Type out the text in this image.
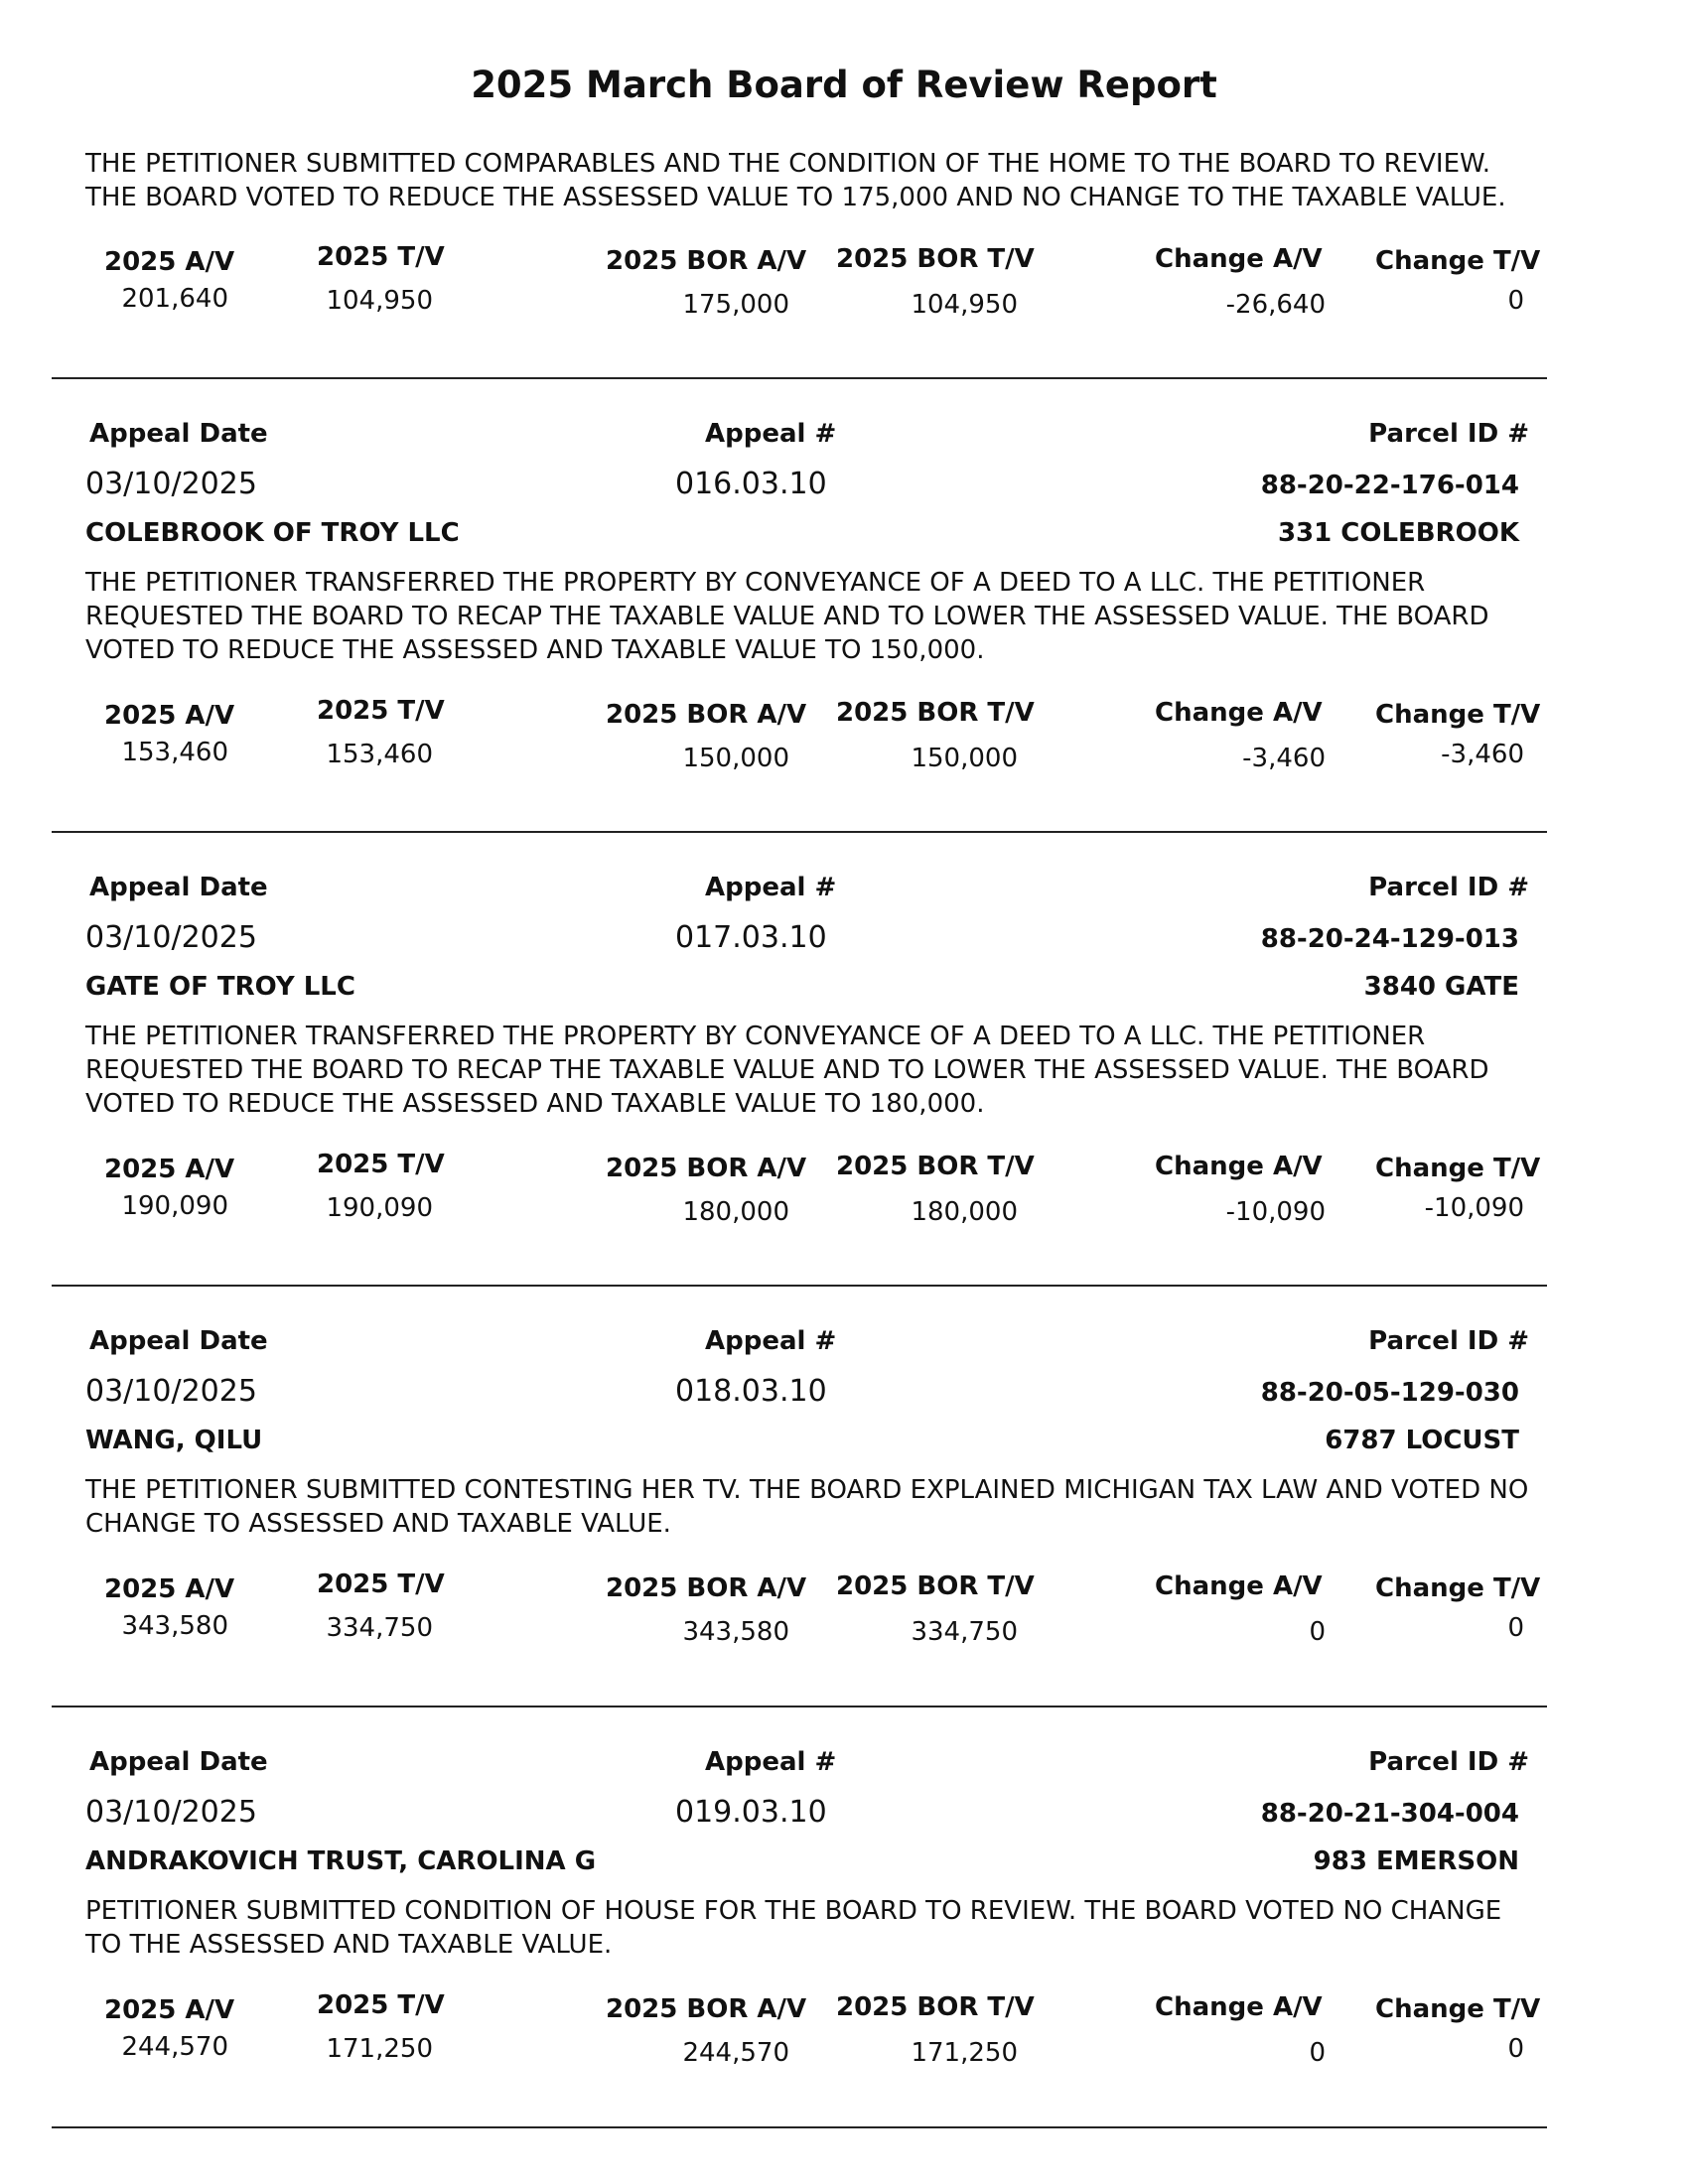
2025 March Board of Review Report
THE PETITIONER SUBMITTED COMPARABLES AND THE CONDITION OF THE HOME TO THE BOARD TO REVIEW. THE BOARD VOTED TO REDUCE THE ASSESSED VALUE TO 175,000 AND NO CHANGE TO THE TAXABLE VALUE.
2025 A/V	2025 T/V	2025 BOR A/V 2025 BOR T/V	Change A/V Change T/V
201,640	104,950	175,000	104,950	-26,640	0
Appeal Date	Appeal #	Parcel ID #
03/10/2025	016.03.10	88-20-22-176-014
COLEBROOK OF TROY LLC	331 COLEBROOK
THE PETITIONER TRANSFERRED THE PROPERTY BY CONVEYANCE OF A DEED TO A LLC. THE PETITIONER REQUESTED THE BOARD TO RECAP THE TAXABLE VALUE AND TO LOWER THE ASSESSED VALUE. THE BOARD VOTED TO REDUCE THE ASSESSED AND TAXABLE VALUE TO 150,000.
2025 A/V	2025 T/V	2025 BOR A/V 2025 BOR T/V	Change A/V Change T/V
153,460	153,460	150,000	150,000	-3,460	-3,460
Appeal Date	Appeal #	Parcel ID #
03/10/2025	017.03.10	88-20-24-129-013
GATE OF TROY LLC	3840 GATE
THE PETITIONER TRANSFERRED THE PROPERTY BY CONVEYANCE OF A DEED TO A LLC. THE PETITIONER REQUESTED THE BOARD TO RECAP THE TAXABLE VALUE AND TO LOWER THE ASSESSED VALUE. THE BOARD VOTED TO REDUCE THE ASSESSED AND TAXABLE VALUE TO 180,000.
2025 A/V	2025 T/V	2025 BOR A/V 2025 BOR T/V	Change A/V Change T/V
190,090	190,090	180,000	180,000	-10,090	-10,090
Appeal Date	Appeal #	Parcel ID #
03/10/2025	018.03.10	88-20-05-129-030
WANG, QILU	6787 LOCUST
THE PETITIONER SUBMITTED CONTESTING HER TV. THE BOARD EXPLAINED MICHIGAN TAX LAW AND VOTED NO CHANGE TO ASSESSED AND TAXABLE VALUE.
2025 A/V	2025 T/V	2025 BOR A/V 2025 BOR T/V	Change A/V Change T/V
343,580	334,750	343,580	334,750	0	0
Appeal Date	Appeal #	Parcel ID #
03/10/2025	019.03.10	88-20-21-304-004
ANDRAKOVICH TRUST, CAROLINA G	983 EMERSON
PETITIONER SUBMITTED CONDITION OF HOUSE FOR THE BOARD TO REVIEW. THE BOARD VOTED NO CHANGE TO THE ASSESSED AND TAXABLE VALUE.
2025 A/V	2025 T/V	2025 BOR A/V 2025 BOR T/V	Change A/V Change T/V
244,570	171,250	244,570	171,250	0	0
